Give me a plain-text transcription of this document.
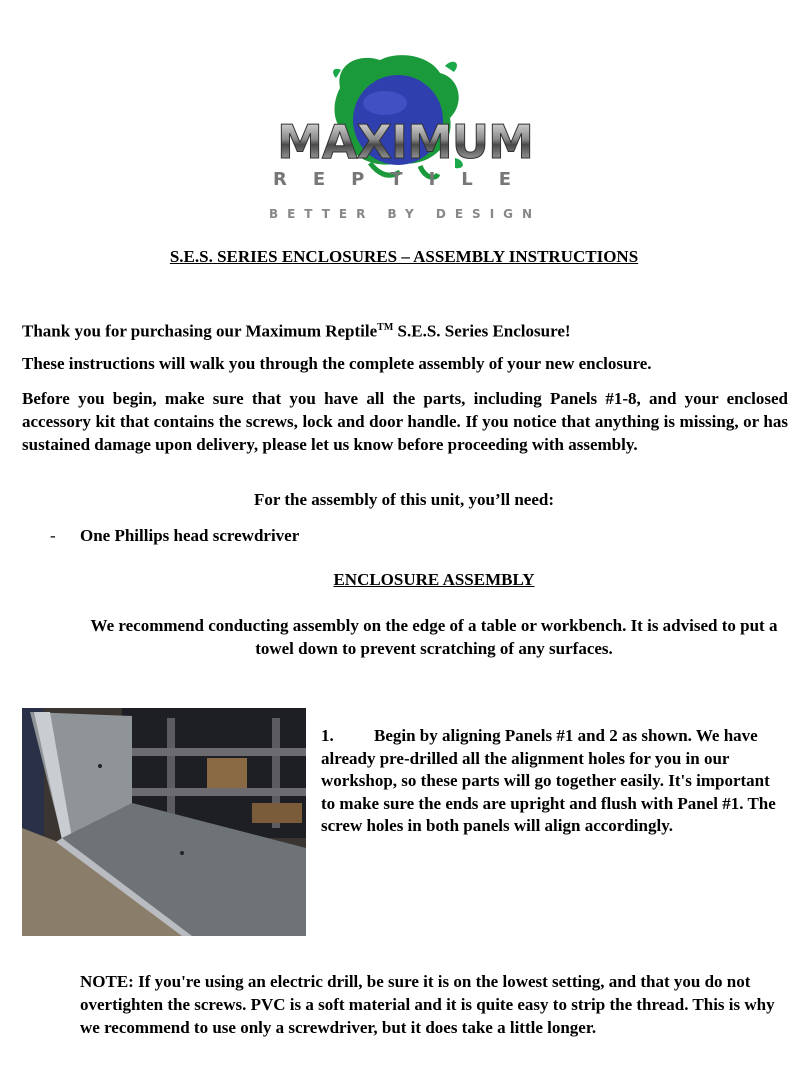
MAXIMUM
REPTILE
BETTER BY DESIGN
S.E.S. SERIES ENCLOSURES – ASSEMBLY INSTRUCTIONS
Thank you for purchasing our Maximum Reptile™ S.E.S. Series Enclosure!
These instructions will walk you through the complete assembly of your new enclosure.
Before you begin, make sure that you have all the parts, including Panels #1-8, and your enclosed accessory kit that contains the screws, lock and door handle. If you notice that anything is missing, or has sustained damage upon delivery, please let us know before proceeding with assembly.
For the assembly of this unit, you’ll need:
- One Phillips head screwdriver
ENCLOSURE ASSEMBLY
We recommend conducting assembly on the edge of a table or workbench. It is advised to put a towel down to prevent scratching of any surfaces.
1. Begin by aligning Panels #1 and 2 as shown. We have already pre-drilled all the alignment holes for you in our workshop, so these parts will go together easily. It's important to make sure the ends are upright and flush with Panel #1. The screw holes in both panels will align accordingly.
NOTE: If you're using an electric drill, be sure it is on the lowest setting, and that you do not overtighten the screws. PVC is a soft material and it is quite easy to strip the thread. This is why we recommend to use only a screwdriver, but it does take a little longer.
